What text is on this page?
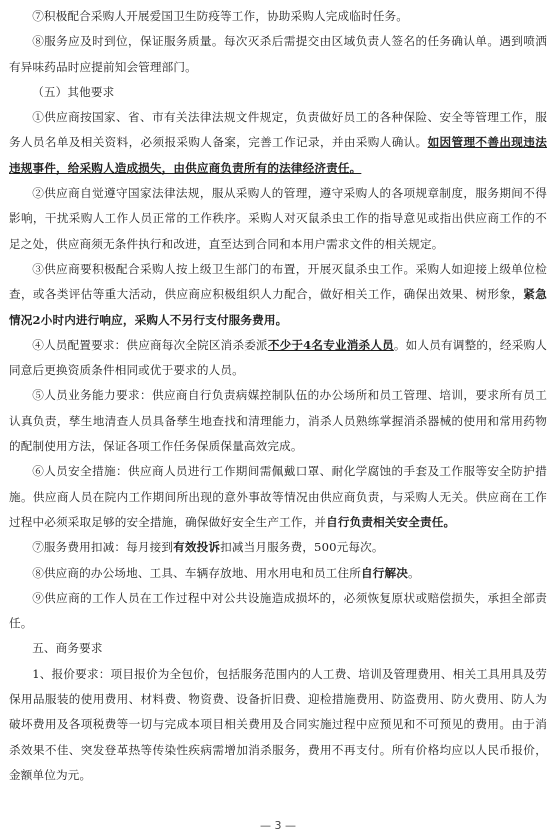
⑦积极配合采购人开展爱国卫生防疫等工作，协助采购人完成临时任务。

⑧服务应及时到位，保证服务质量。每次灭杀后需提交由区域负责人签名的任务确认单。遇到喷洒有异味药品时应提前知会管理部门。

（五）其他要求

①供应商按国家、省、市有关法律法规文件规定，负责做好员工的各种保险、安全等管理工作，服务人员名单及相关资料，必须报采购人备案，完善工作记录，并由采购人确认。如因管理不善出现违法违规事件，给采购人造成损失，由供应商负责所有的法律经济责任。

②供应商自觉遵守国家法律法规，服从采购人的管理，遵守采购人的各项规章制度，服务期间不得影响，干扰采购人工作人员正常的工作秩序。采购人对灭鼠杀虫工作的指导意见或指出供应商工作的不足之处，供应商须无条件执行和改进，直至达到合同和本用户需求文件的相关规定。

③供应商要积极配合采购人按上级卫生部门的布置，开展灭鼠杀虫工作。采购人如迎接上级单位检查，或各类评估等重大活动，供应商应积极组织人力配合，做好相关工作，确保出效果、树形象，紧急情况2小时内进行响应，采购人不另行支付服务费用。

④人员配置要求：供应商每次全院区消杀委派不少于4名专业消杀人员。如人员有调整的，经采购人同意后更换资质条件相同或优于要求的人员。

⑤人员业务能力要求：供应商自行负责病媒控制队伍的办公场所和员工管理、培训，要求所有员工认真负责，孳生地清查人员具备孳生地查找和清理能力，消杀人员熟练掌握消杀器械的使用和常用药物的配制使用方法，保证各项工作任务保质保量高效完成。

⑥人员安全措施：供应商人员进行工作期间需佩戴口罩、耐化学腐蚀的手套及工作服等安全防护措施。供应商人员在院内工作期间所出现的意外事故等情况由供应商负责，与采购人无关。供应商在工作过程中必须采取足够的安全措施，确保做好安全生产工作，并自行负责相关安全责任。

⑦服务费用扣减：每月接到有效投诉扣减当月服务费，500元每次。

⑧供应商的办公场地、工具、车辆存放地、用水用电和员工住所自行解决。

⑨供应商的工作人员在工作过程中对公共设施造成损坏的，必须恢复原状或赔偿损失，承担全部责任。

五、商务要求

1、报价要求：项目报价为全包价，包括服务范围内的人工费、培训及管理费用、相关工具用具及劳保用品服装的使用费用、材料费、物资费、设备折旧费、迎检措施费用、防盗费用、防火费用、防人为破坏费用及各项税费等一切与完成本项目相关费用及合同实施过程中应预见和不可预见的费用。由于消杀效果不佳、突发登革热等传染性疾病需增加消杀服务，费用不再支付。所有价格均应以人民币报价，金额单位为元。

— 3 —
